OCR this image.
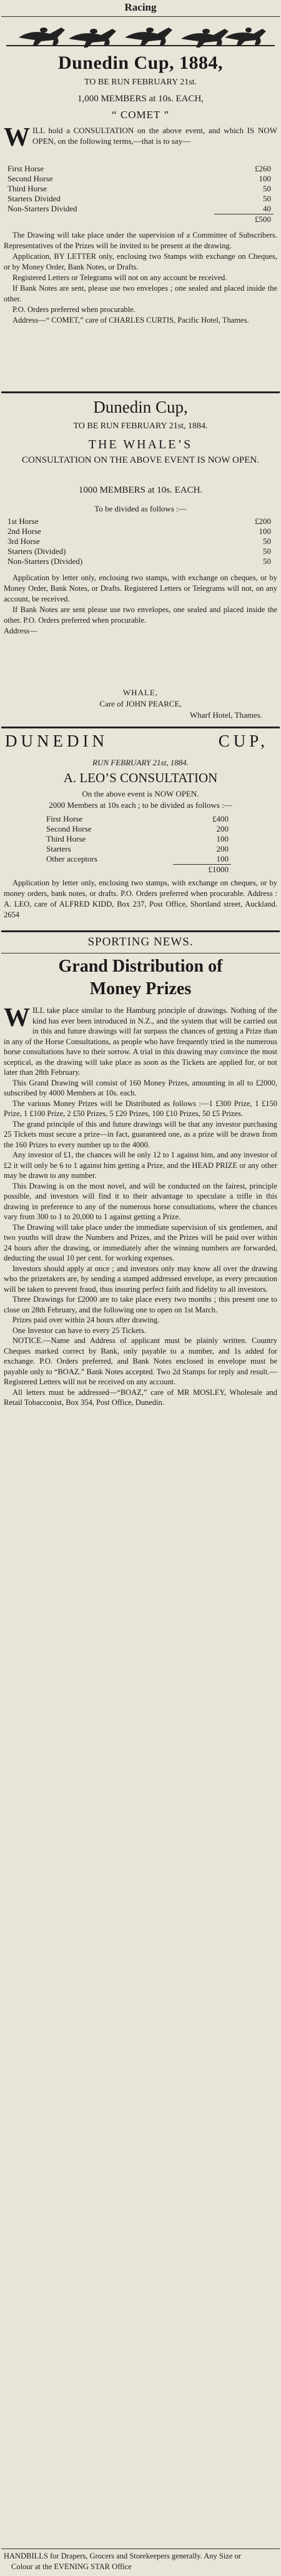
Racing
Dunedin Cup, 1884,
TO BE RUN FEBRUARY 21st.
1,000 MEMBERS at 10s. EACH,
“ COMET ”
W ILL hold a CONSULTATION on the above event, and which IS NOW OPEN, on the following terms,—that is to say—
First Horse	£260
Second Horse	100
Third Horse	50
Starters Divided	50
Non-Starters Divided	40
	£500

The Drawing will take place under the supervision of a Committee of Subscribers. Representatives of the Prizes will be invited to be present at the drawing.

Application, BY LETTER only, enclosing two Stamps with exchange on Cheques, or by Money Order, Bank Notes, or Drafts.

Registered Letters or Telegrams will not on any account be received.

If Bank Notes are sent, please use two envelopes ; one sealed and placed inside the other.

P.O. Orders preferred when procurable.

Address—“ COMET,” care of CHARLES CURTIS, Pacific Hotel, Thames.

Dunedin Cup,
TO BE RUN FEBRUARY 21st, 1884.
THE WHALE’S
CONSULTATION ON THE ABOVE EVENT IS NOW OPEN.
1000 MEMBERS at 10s. EACH.
To be divided as follows :—
1st Horse	£200
2nd Horse	100
3rd Horse	50
Starters (Divided)	50
Non-Starters (Divided)	50

Application by letter only, enclosing two stamps, with exchange on cheques, or by Money Order, Bank Notes, or Drafts. Registered Letters or Telegrams will not, on any account, be received.

If Bank Notes are sent please use two envelopes, one sealed and placed inside the other. P.O. Orders preferred when procurable.

Address—

WHALE,
Care of JOHN PEARCE,
Wharf Hotel, Thames.
DUNEDIN	CUP,
RUN FEBRUARY 21st, 1884.
A. LEO’S CONSULTATION
On the above event is NOW OPEN.
2000 Members at 10s each ; to be divided as follows :—
First Horse	£400
Second Horse	200
Third Horse	100
Starters	200
Other acceptors	100
	£1000

Application by letter only, enclosing two stamps, with exchange on cheques, or by money orders, bank notes, or drafts. P.O. Orders preferred when procurable. Address : A. LEO, care of ALFRED KIDD, Box 237, Post Office, Shortland street, Auckland. 2654

SPORTING NEWS.
Grand Distribution of
Money Prizes

WILL take place similar to the Hamburg principle of drawings. Nothing of the kind has ever been introduced in N.Z., and the system that will be carried out in this and future drawings will far surpass the chances of getting a Prize than in any of the Horse Consultations, as people who have frequently tried in the numerous horse consultations have to their sorrow. A trial in this drawing may convince the most sceptical, as the drawing will take place as soon as the Tickets are applied for, or not later than 28th February.

This Grand Drawing will consist of 160 Money Prizes, amounting in all to £2000, subscribed by 4000 Members at 10s. each.

The various Money Prizes will be Distributed as follows :—1 £300 Prize, 1 £150 Prize, 1 £100 Prize, 2 £50 Prizes, 5 £20 Prizes, 100 £10 Prizes, 50 £5 Prizes.

The grand principle of this and future drawings will be that any investor purchasing 25 Tickets must secure a prize—in fact, guaranteed one, as a prize will be drawn from the 160 Prizes to every number up to the 4000.

Any investor of £1, the chances will be only 12 to 1 against him, and any investor of £2 it will only be 6 to 1 against him getting a Prize, and the HEAD PRIZE or any other may be drawn to any number.

This Drawing is on the most novel, and will be conducted on the fairest, principle possible, and investors will find it to their advantage to speculate a trifle in this drawing in preference to any of the numerous horse consultations, where the chances vary from 300 to 1 to 20,000 to 1 against getting a Prize.

The Drawing will take place under the immediate supervision of six gentlemen, and two youths will draw the Numbers and Prizes, and the Prizes will be paid over within 24 hours after the drawing, or immediately after the winning numbers are forwarded, deducting the usual 10 per cent. for working expenses.

Investors should apply at once ; and investors only may know all over the drawing who the prizetakers are, by sending a stamped addressed envelope, as every precaution will be taken to prevent fraud, thus insuring perfect faith and fidelity to all investors.

Three Drawings for £2000 are to take place every two months ; this present one to close on 28th February, and the following one to open on 1st March.

Prizes paid over within 24 hours after drawing.

One Investor can have to every 25 Tickets.

NOTICE.—Name and Address of applicant must be plainly written. Country Cheques marked correct by Bank, only payable to a number, and 1s added for exchange. P.O. Orders preferred, and Bank Notes enclosed in envelope must be payable only to “BOAZ.” Bank Notes accepted. Two 2d Stamps for reply and result.—Registered Letters will not be received on any account.

All letters must be addressed—“BOAZ,” care of MR MOSLEY, Wholesale and Retail Tobacconist, Box 354, Post Office, Dunedin.

HANDBILLS for Drapers, Grocers and Storekeepers generally. Any Size or

Colour at the EVENING STAR Office
